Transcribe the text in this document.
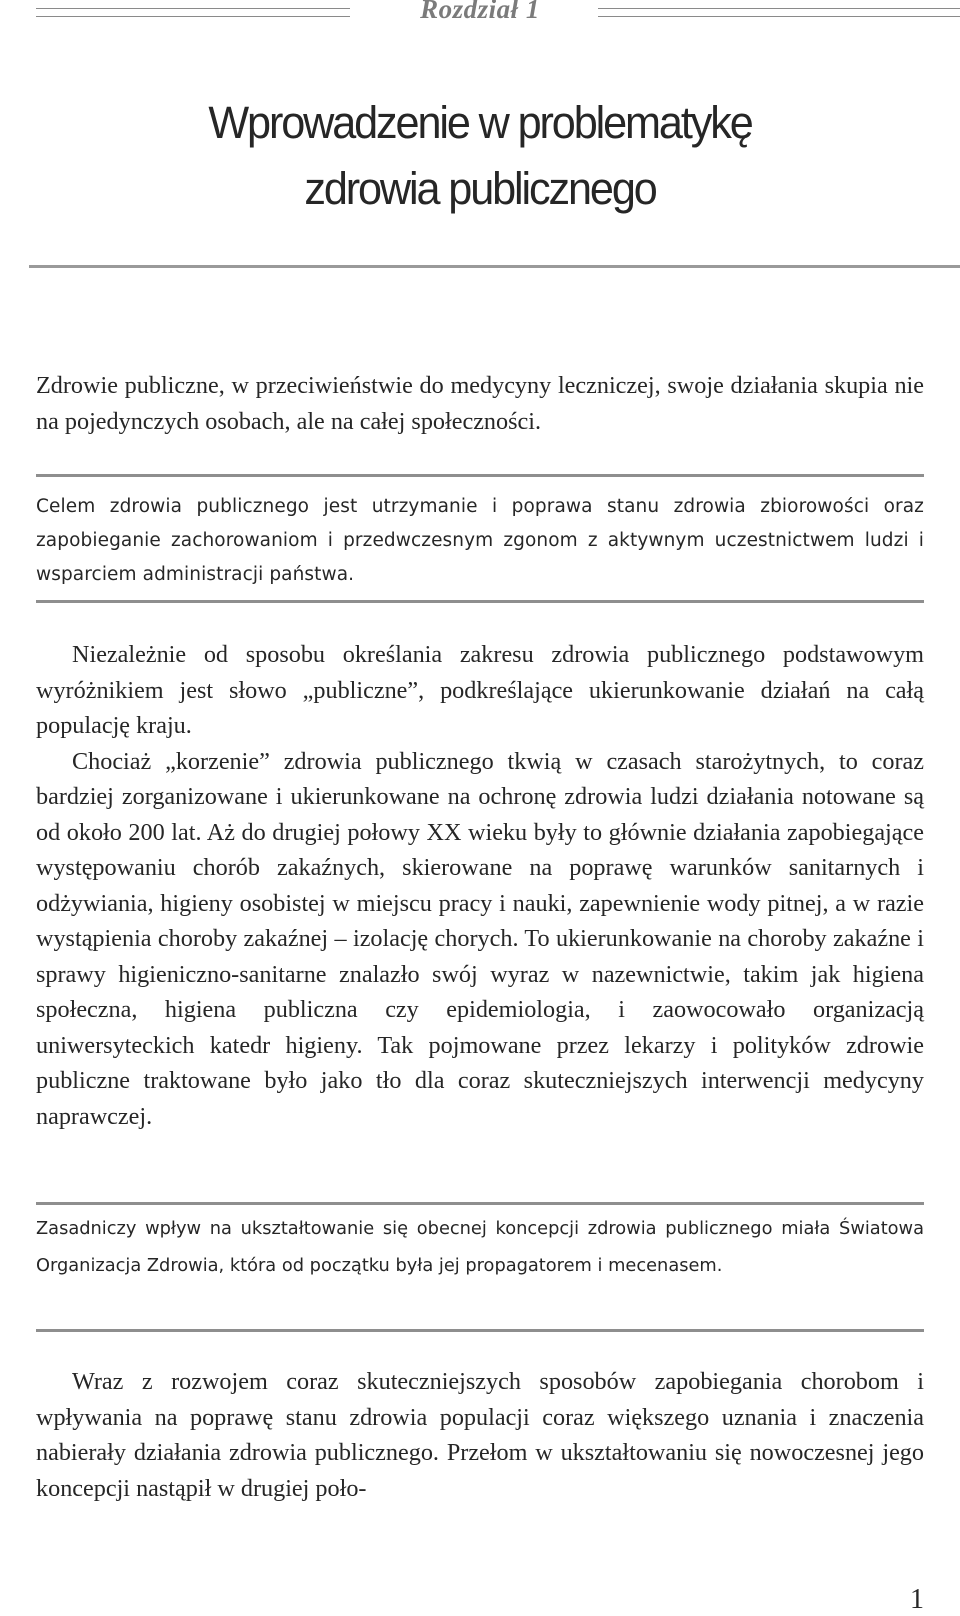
Rozdział 1
Wprowadzenie w problematykę
zdrowia publicznego
Zdrowie publiczne, w przeciwieństwie do medycyny leczniczej, swoje działania skupia nie na pojedynczych osobach, ale na całej społeczności.
Celem zdrowia publicznego jest utrzymanie i poprawa stanu zdrowia zbiorowości oraz zapobieganie zachorowaniom i przedwczesnym zgonom z aktywnym uczestnictwem ludzi i wsparciem administracji państwa.

Niezależnie od sposobu określania zakresu zdrowia publicznego podstawowym wyróżnikiem jest słowo „publiczne”, podkreślające ukierunkowanie działań na całą populację kraju.

Chociaż „korzenie” zdrowia publicznego tkwią w czasach starożytnych, to coraz bardziej zorganizowane i ukierunkowane na ochronę zdrowia ludzi działania notowane są od około 200 lat. Aż do drugiej połowy XX wieku były to głównie działania zapobiegające występowaniu chorób zakaźnych, skierowane na poprawę warunków sanitarnych i odżywiania, higieny osobistej w miejscu pracy i nauki, zapewnienie wody pitnej, a w razie wystąpienia choroby zakaźnej – izolację chorych. To ukierunkowanie na choroby zakaźne i sprawy higieniczno-sanitarne znalazło swój wyraz w nazewnictwie, takim jak higiena społeczna, higiena publiczna czy epidemiologia, i zaowocowało organizacją uniwersyteckich katedr higieny. Tak pojmowane przez lekarzy i polityków zdrowie publiczne traktowane było jako tło dla coraz skuteczniejszych interwencji medycyny naprawczej.

Zasadniczy wpływ na ukształtowanie się obecnej koncepcji zdrowia publicznego miała Światowa Organizacja Zdrowia, która od początku była jej propagatorem i mecenasem.
Wraz z rozwojem coraz skuteczniejszych sposobów zapobiegania chorobom i wpływania na poprawę stanu zdrowia populacji coraz większego uznania i znaczenia nabierały działania zdrowia publicznego. Przełom w ukształtowaniu się nowoczesnej jego koncepcji nastąpił w drugiej poło-
1
